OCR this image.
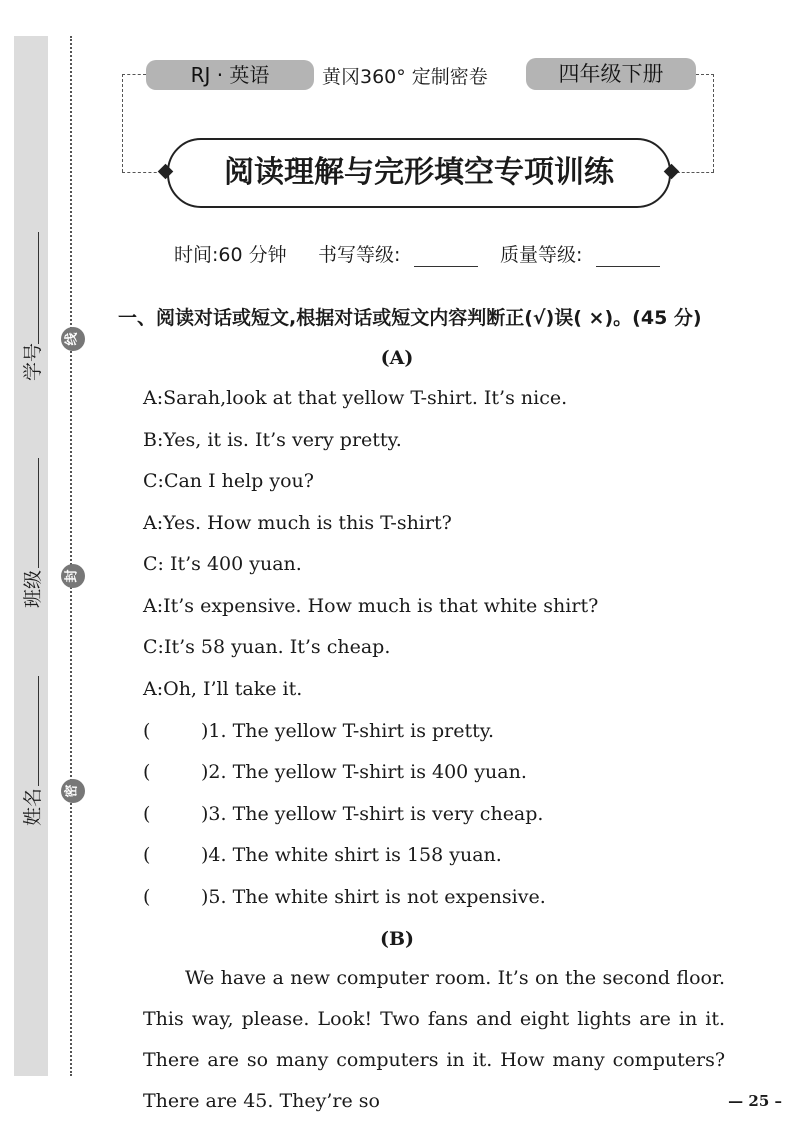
学号
班级
姓名
线
封
密
RJ · 英语	黄冈360° 定制密卷	四年级下册
阅读理解与完形填空专项训练
时间:60 分钟 书写等级:	质量等级:
一、阅读对话或短文,根据对话或短文内容判断正(√)误( ×)。(45 分)
(A)
A:Sarah,look at that yellow T-shirt. It’s nice.
B:Yes, it is. It’s very pretty.
C:Can I help you?
A:Yes. How much is this T-shirt?
C: It’s 400 yuan.
A:It’s expensive. How much is that white shirt?
C:It’s 58 yuan. It’s cheap.
A:Oh, I’ll take it.
(	)1. The yellow T-shirt is pretty.
(	)2. The yellow T-shirt is 400 yuan.
(	)3. The yellow T-shirt is very cheap.
(	)4. The white shirt is 158 yuan.
(	)5. The white shirt is not expensive.
(B)
We have a new computer room. It’s on the second floor. This way, please. Look! Two fans and eight lights are in it. There are so many computers in it. How many computers? There are 45. They’re so	— 25 –
